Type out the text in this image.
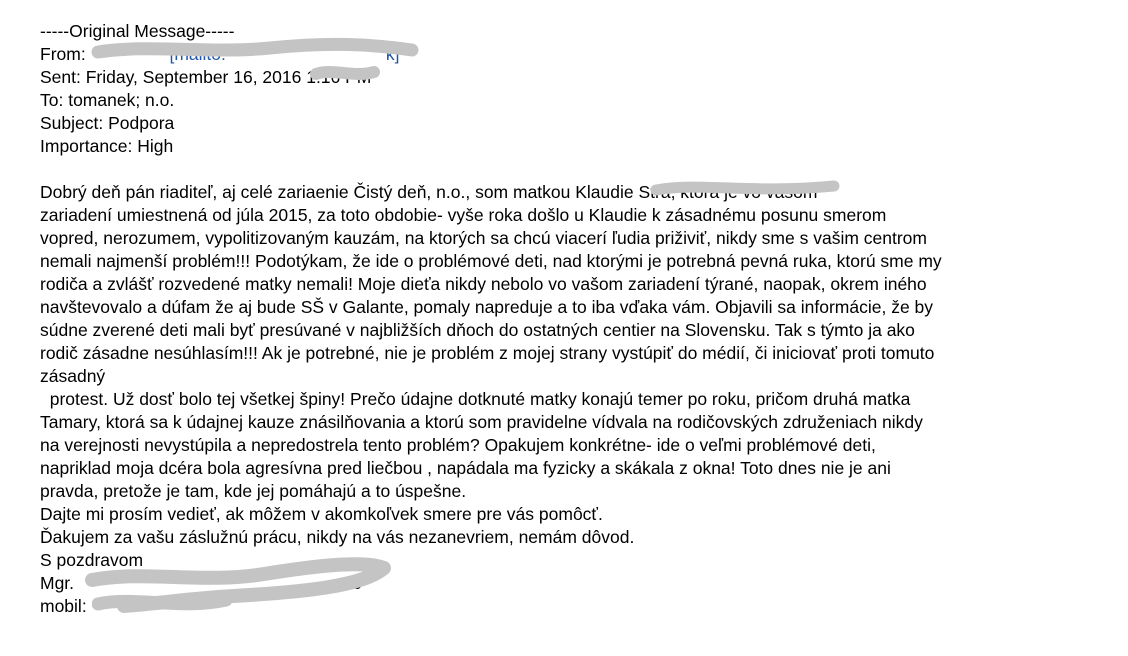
-----Original Message-----
From:	[mailto:	k]
Sent: Friday, September 16, 2016 1:16 PM
To: tomanek; n.o.
Subject: Podpora
Importance: High
Dobrý deň pán riaditeľ, aj celé zariaenie Čistý deň, n.o., som matkou Klaudie Strá, ktorá je vo vašom
zariadení umiestnená od júla 2015, za toto obdobie- vyše roka došlo u Klaudie k zásadnému posunu smerom
vopred, nerozumem, vypolitizovaným kauzám, na ktorých sa chcú viacerí ľudia priživiť, nikdy sme s vašim centrom
nemali najmenší problém!!! Podotýkam, že ide o problémové deti, nad ktorými je potrebná pevná ruka, ktorú sme my
rodiča a zvlášť rozvedené matky nemali! Moje dieťa nikdy nebolo vo vašom zariadení týrané, naopak, okrem iného
navštevovalo a dúfam že aj bude SŠ v Galante, pomaly napreduje a to iba vďaka vám. Objavili sa informácie, že by
súdne zverené deti mali byť presúvané v najbližších dňoch do ostatných centier na Slovensku. Tak s týmto ja ako
rodič zásadne nesúhlasím!!! Ak je potrebné, nie je problém z mojej strany vystúpiť do médií, či iniciovať proti tomuto
zásadný
protest. Už dosť bolo tej všetkej špiny! Prečo údajne dotknuté matky konajú temer po roku, pričom druhá matka
Tamary, ktorá sa k údajnej kauze znásilňovania a ktorú som pravidelne vídvala na rodičovských združeniach nikdy
na verejnosti nevystúpila a nepredostrela tento problém? Opakujem konkrétne- ide o veľmi problémové deti,
napriklad moja dcéra bola agresívna pred liečbou , napádala ma fyzicky a skákala z okna! Toto dnes nie je ani
pravda, pretože je tam, kde jej pomáhajú a to úspešne.
Dajte mi prosím vedieť, ak môžem v akomkoľvek smere pre vás pomôcť.
Ďakujem za vašu záslužnú prácu, nikdy na vás nezanevriem, nemám dôvod.
S pozdravom
Mgr.	e
mobil:
